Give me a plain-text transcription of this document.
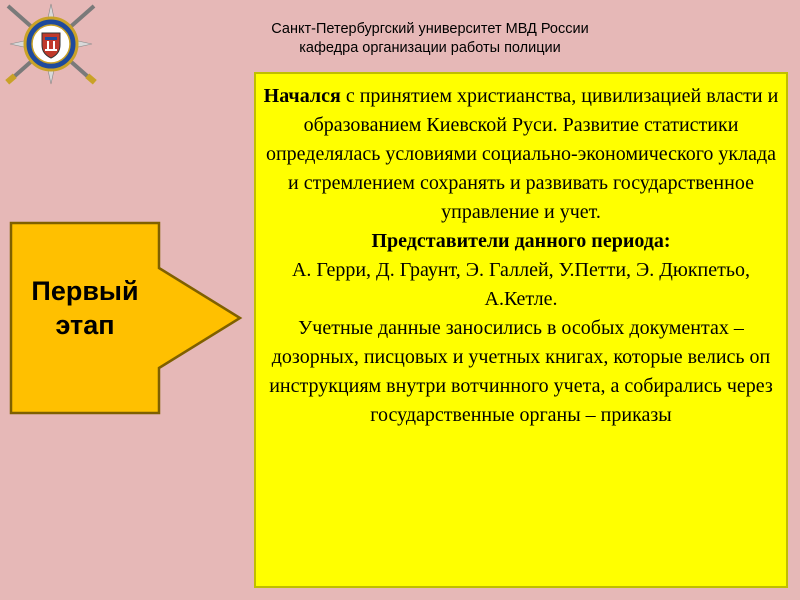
Санкт-Петербургский университет МВД России
кафедра организации работы полиции
Первый
этап

Начался с принятием христианства, цивилизацией власти и образованием Киевской Руси. Развитие статистики определялась условиями социально-экономического уклада и стремлением сохранять и развивать государственное управление и учет.

Представители данного периода:

А. Герри, Д. Граунт, Э. Галлей, У.Петти, Э. Дюкпетьо, А.Кетле.

Учетные данные заносились в особых документах – дозорных, писцовых и учетных книгах, которые велись оп инструкциям внутри вотчинного учета, а собирались через государственные органы – приказы
